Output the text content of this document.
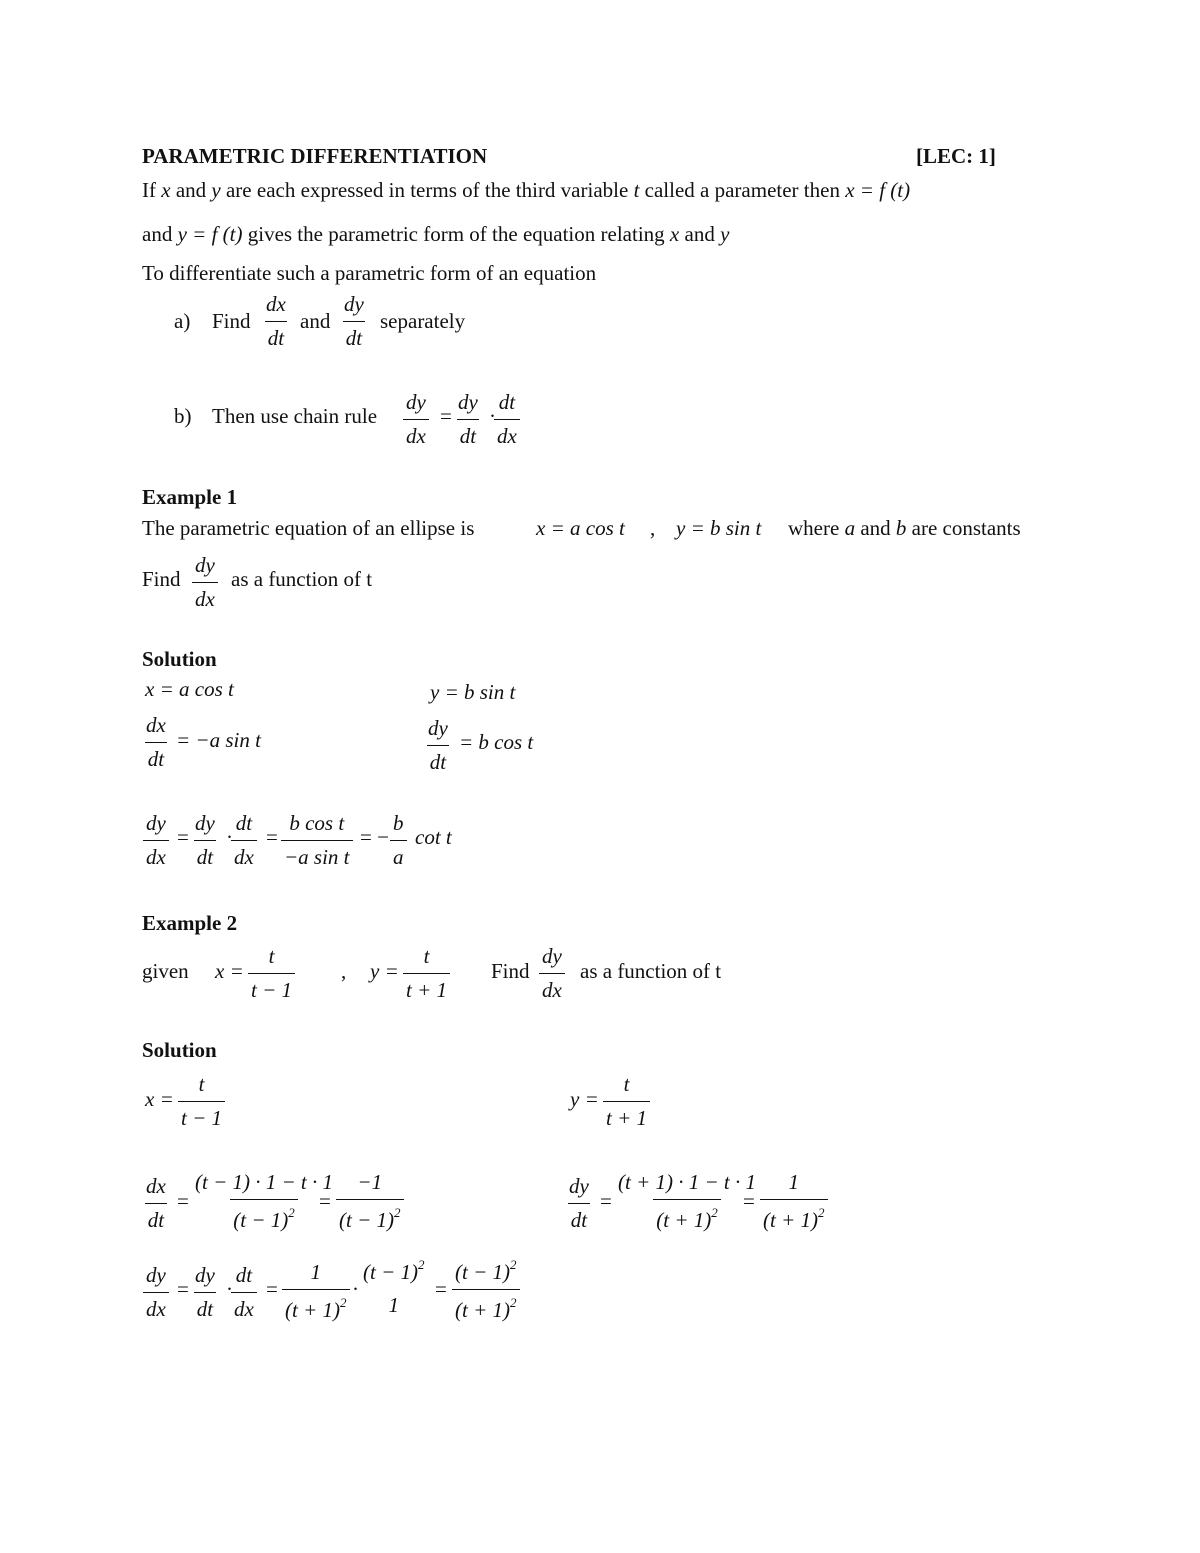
PARAMETRIC DIFFERENTIATION	[LEC: 1]
If x and y are each expressed in terms of the third variable t called a parameter then x = f (t)
and y = f (t) gives the parametric form of the equation relating x and y
To differentiate such a parametric form of an equation
a) Find $\frac{dx}{dt}$ and $\frac{dy}{dt}$ separately
b) Then use chain rule $\frac{dy}{dx} = \frac{dy}{dt}$ ·
$\frac{dt}{dx}$
Example 1
The parametric equation of an ellipse is	x = a cos t , y = b sin t where a and b are constants
Find $\frac{dy}{dx}$ as a function of t
Solution
x = a cos t	y = b sin t
$\frac{dx}{dt} = -a$ sin t	$\frac{dy}{dt} = b$ cos t
$\frac{dy}{dx} = \frac{dy}{dt}$ ·
$\frac{dt}{dx} = \frac{\text{b cos t}}{\text{−a sin t}}$ = − $\frac{b}{a}$ cot t
Example 2
given $x = \frac{t}{t - 1}$ , $y = \frac{t}{t + 1}$ Find $\frac{dy}{dx}$ as a function of t
Solution
$x = \frac{t}{t - 1}$	$y = \frac{t}{t + 1}$
$\frac{dx}{dt} = \frac{(t - 1) \cdot 1 - t \cdot 1}{(t - 1)^2}$
= $\frac{-1}{(t - 1)^2}$	$\frac{dy}{dt} = \frac{(t + 1) \cdot 1 - t \cdot 1}{(t + 1)^2}$
= $\frac{1}{(t + 1)^2}$
$\frac{dy}{dx} = \frac{dy}{dt}$ ·
$\frac{dt}{dx} = \frac{1}{(t + 1)^2}$ ·
$(t - 1)^2$
1
= $\frac{(t - 1)^2}{(t + 1)^2}$
